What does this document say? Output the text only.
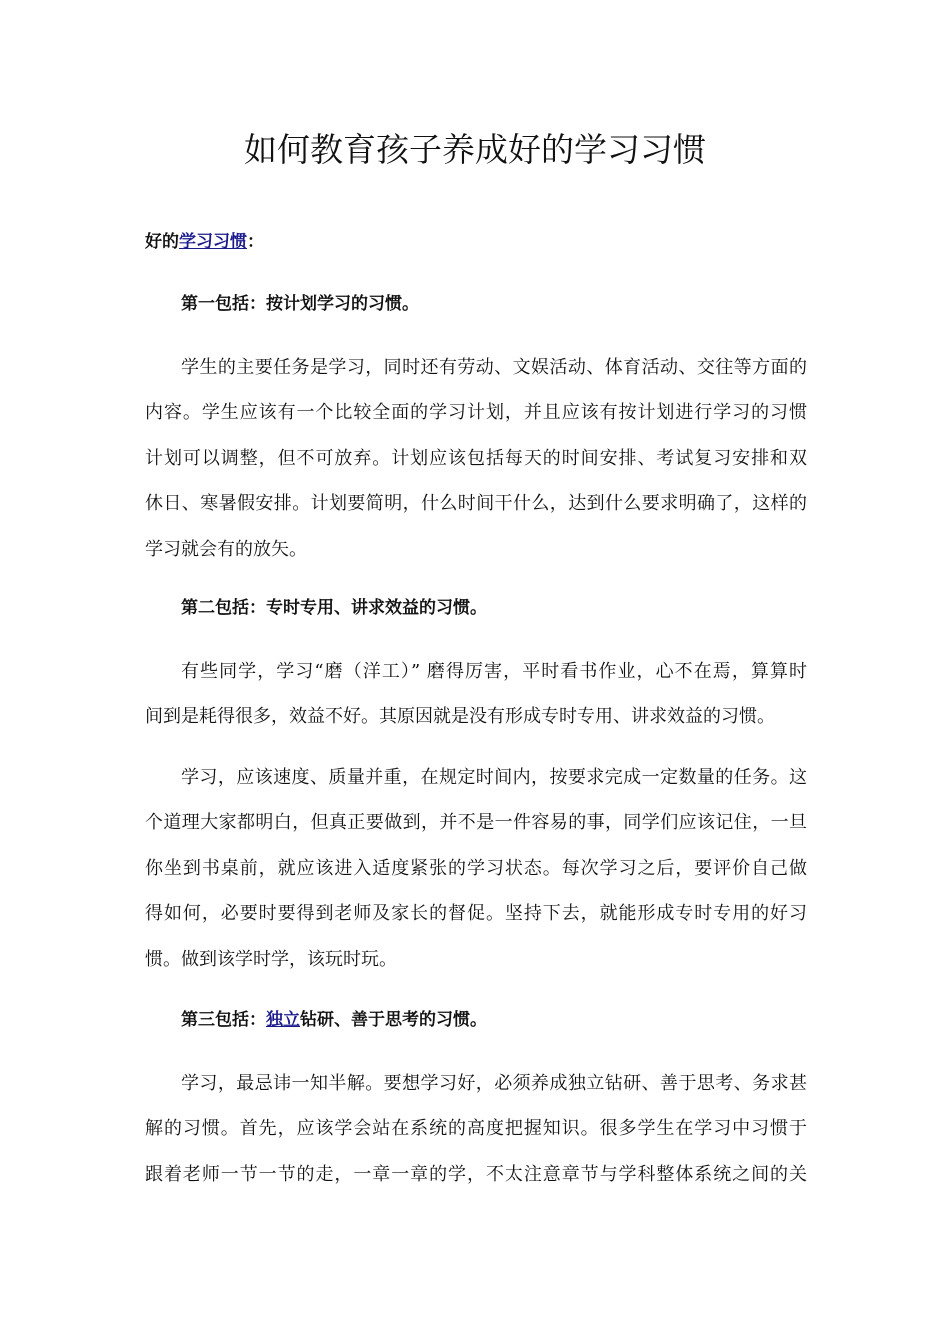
如何教育孩子养成好的学习习惯

好的学习习惯：

第一包括：按计划学习的习惯。

学生的主要任务是学习，同时还有劳动、文娱活动、体育活动、交往等方面的
内容。学生应该有一个比较全面的学习计划，并且应该有按计划进行学习的习惯
计划可以调整，但不可放弃。计划应该包括每天的时间安排、考试复习安排和双
休日、寒暑假安排。计划要简明，什么时间干什么，达到什么要求明确了，这样的
学习就会有的放矢。

第二包括：专时专用、讲求效益的习惯。

有些同学，学习“磨（洋工）” 磨得厉害，平时看书作业，心不在焉，算算时
间到是耗得很多，效益不好。其原因就是没有形成专时专用、讲求效益的习惯。
学习，应该速度、质量并重，在规定时间内，按要求完成一定数量的任务。这
个道理大家都明白，但真正要做到，并不是一件容易的事，同学们应该记住，一旦
你坐到书桌前，就应该进入适度紧张的学习状态。每次学习之后，要评价自己做
得如何，必要时要得到老师及家长的督促。坚持下去，就能形成专时专用的好习
惯。做到该学时学，该玩时玩。

第三包括：独立钻研、善于思考的习惯。

学习，最忌讳一知半解。要想学习好，必须养成独立钻研、善于思考、务求甚
解的习惯。首先，应该学会站在系统的高度把握知识。很多学生在学习中习惯于
跟着老师一节一节的走，一章一章的学，不太注意章节与学科整体系统之间的关
